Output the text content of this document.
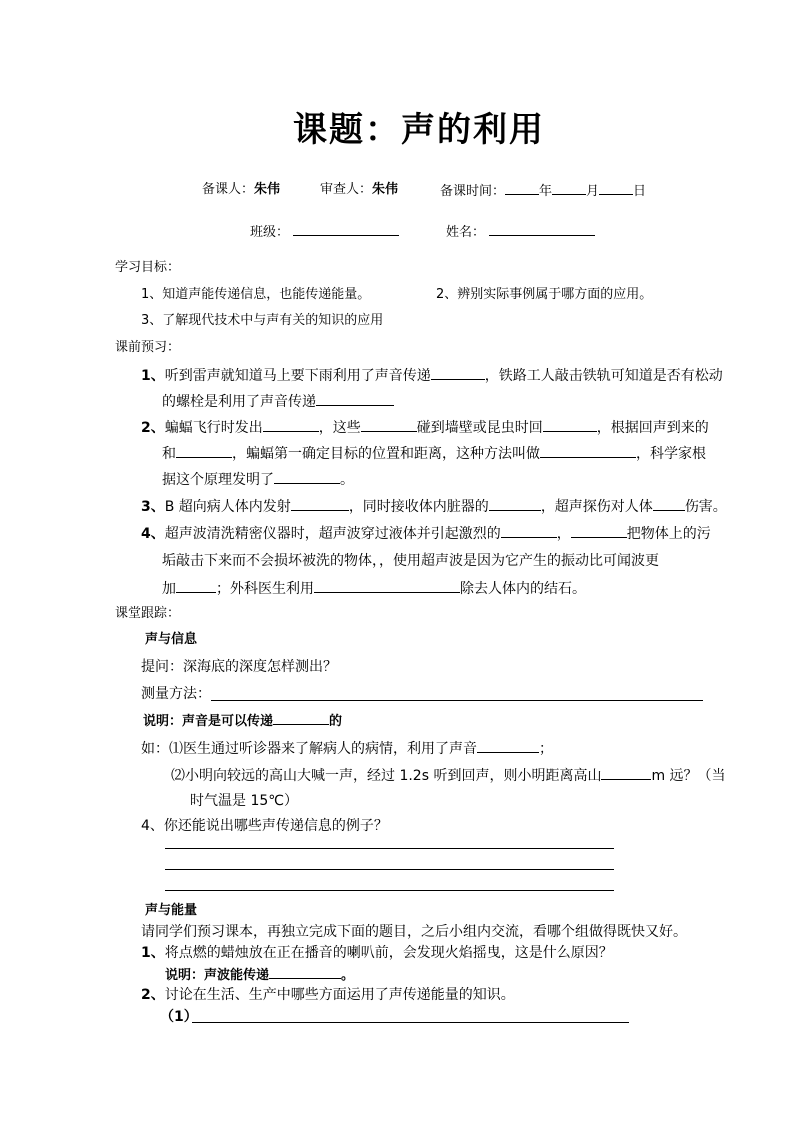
课题：声的利用
备课人：朱伟	审查人：朱伟	备课时间：	年	月	日
班级：	姓名：
学习目标：
1、知道声能传递信息，也能传递能量。	2、辨别实际事例属于哪方面的应用。
3、了解现代技术中与声有关的知识的应用
课前预习：
1、听到雷声就知道马上要下雨利用了声音传递	，铁路工人敲击铁轨可知道是否有松动
的螺栓是利用了声音传递
2、蝙蝠飞行时发出	，这些	碰到墙壁或昆虫时回	，根据回声到来的
和	，蝙蝠第一确定目标的位置和距离，这种方法叫做	，科学家根
据这个原理发明了	。
3、B 超向病人体内发射	，同时接收体内脏器的	，超声探伤对人体 伤害。
4、超声波清洗精密仪器时，超声波穿过液体并引起激烈的	，	把物体上的污
垢敲击下来而不会损坏被洗的物体，，使用超声波是因为它产生的振动比可闻波更
加	；外科医生利用	除去人体内的结石。
课堂跟踪：
声与信息
提问：深海底的深度怎样测出？
测量方法：
说明：声音是可以传递	的
如：⑴医生通过听诊器来了解病人的病情，利用了声音	；
⑵小明向较远的高山大喊一声，经过 1.2s 听到回声，则小明距离高山	m 远？（当
时气温是 15℃）
4、你还能说出哪些声传递信息的例子？
声与能量
请同学们预习课本，再独立完成下面的题目，之后小组内交流，看哪个组做得既快又好。
1、将点燃的蜡烛放在正在播音的喇叭前，会发现火焰摇曳，这是什么原因？
说明：声波能传递	。
2、讨论在生活、生产中哪些方面运用了声传递能量的知识。
（1）
